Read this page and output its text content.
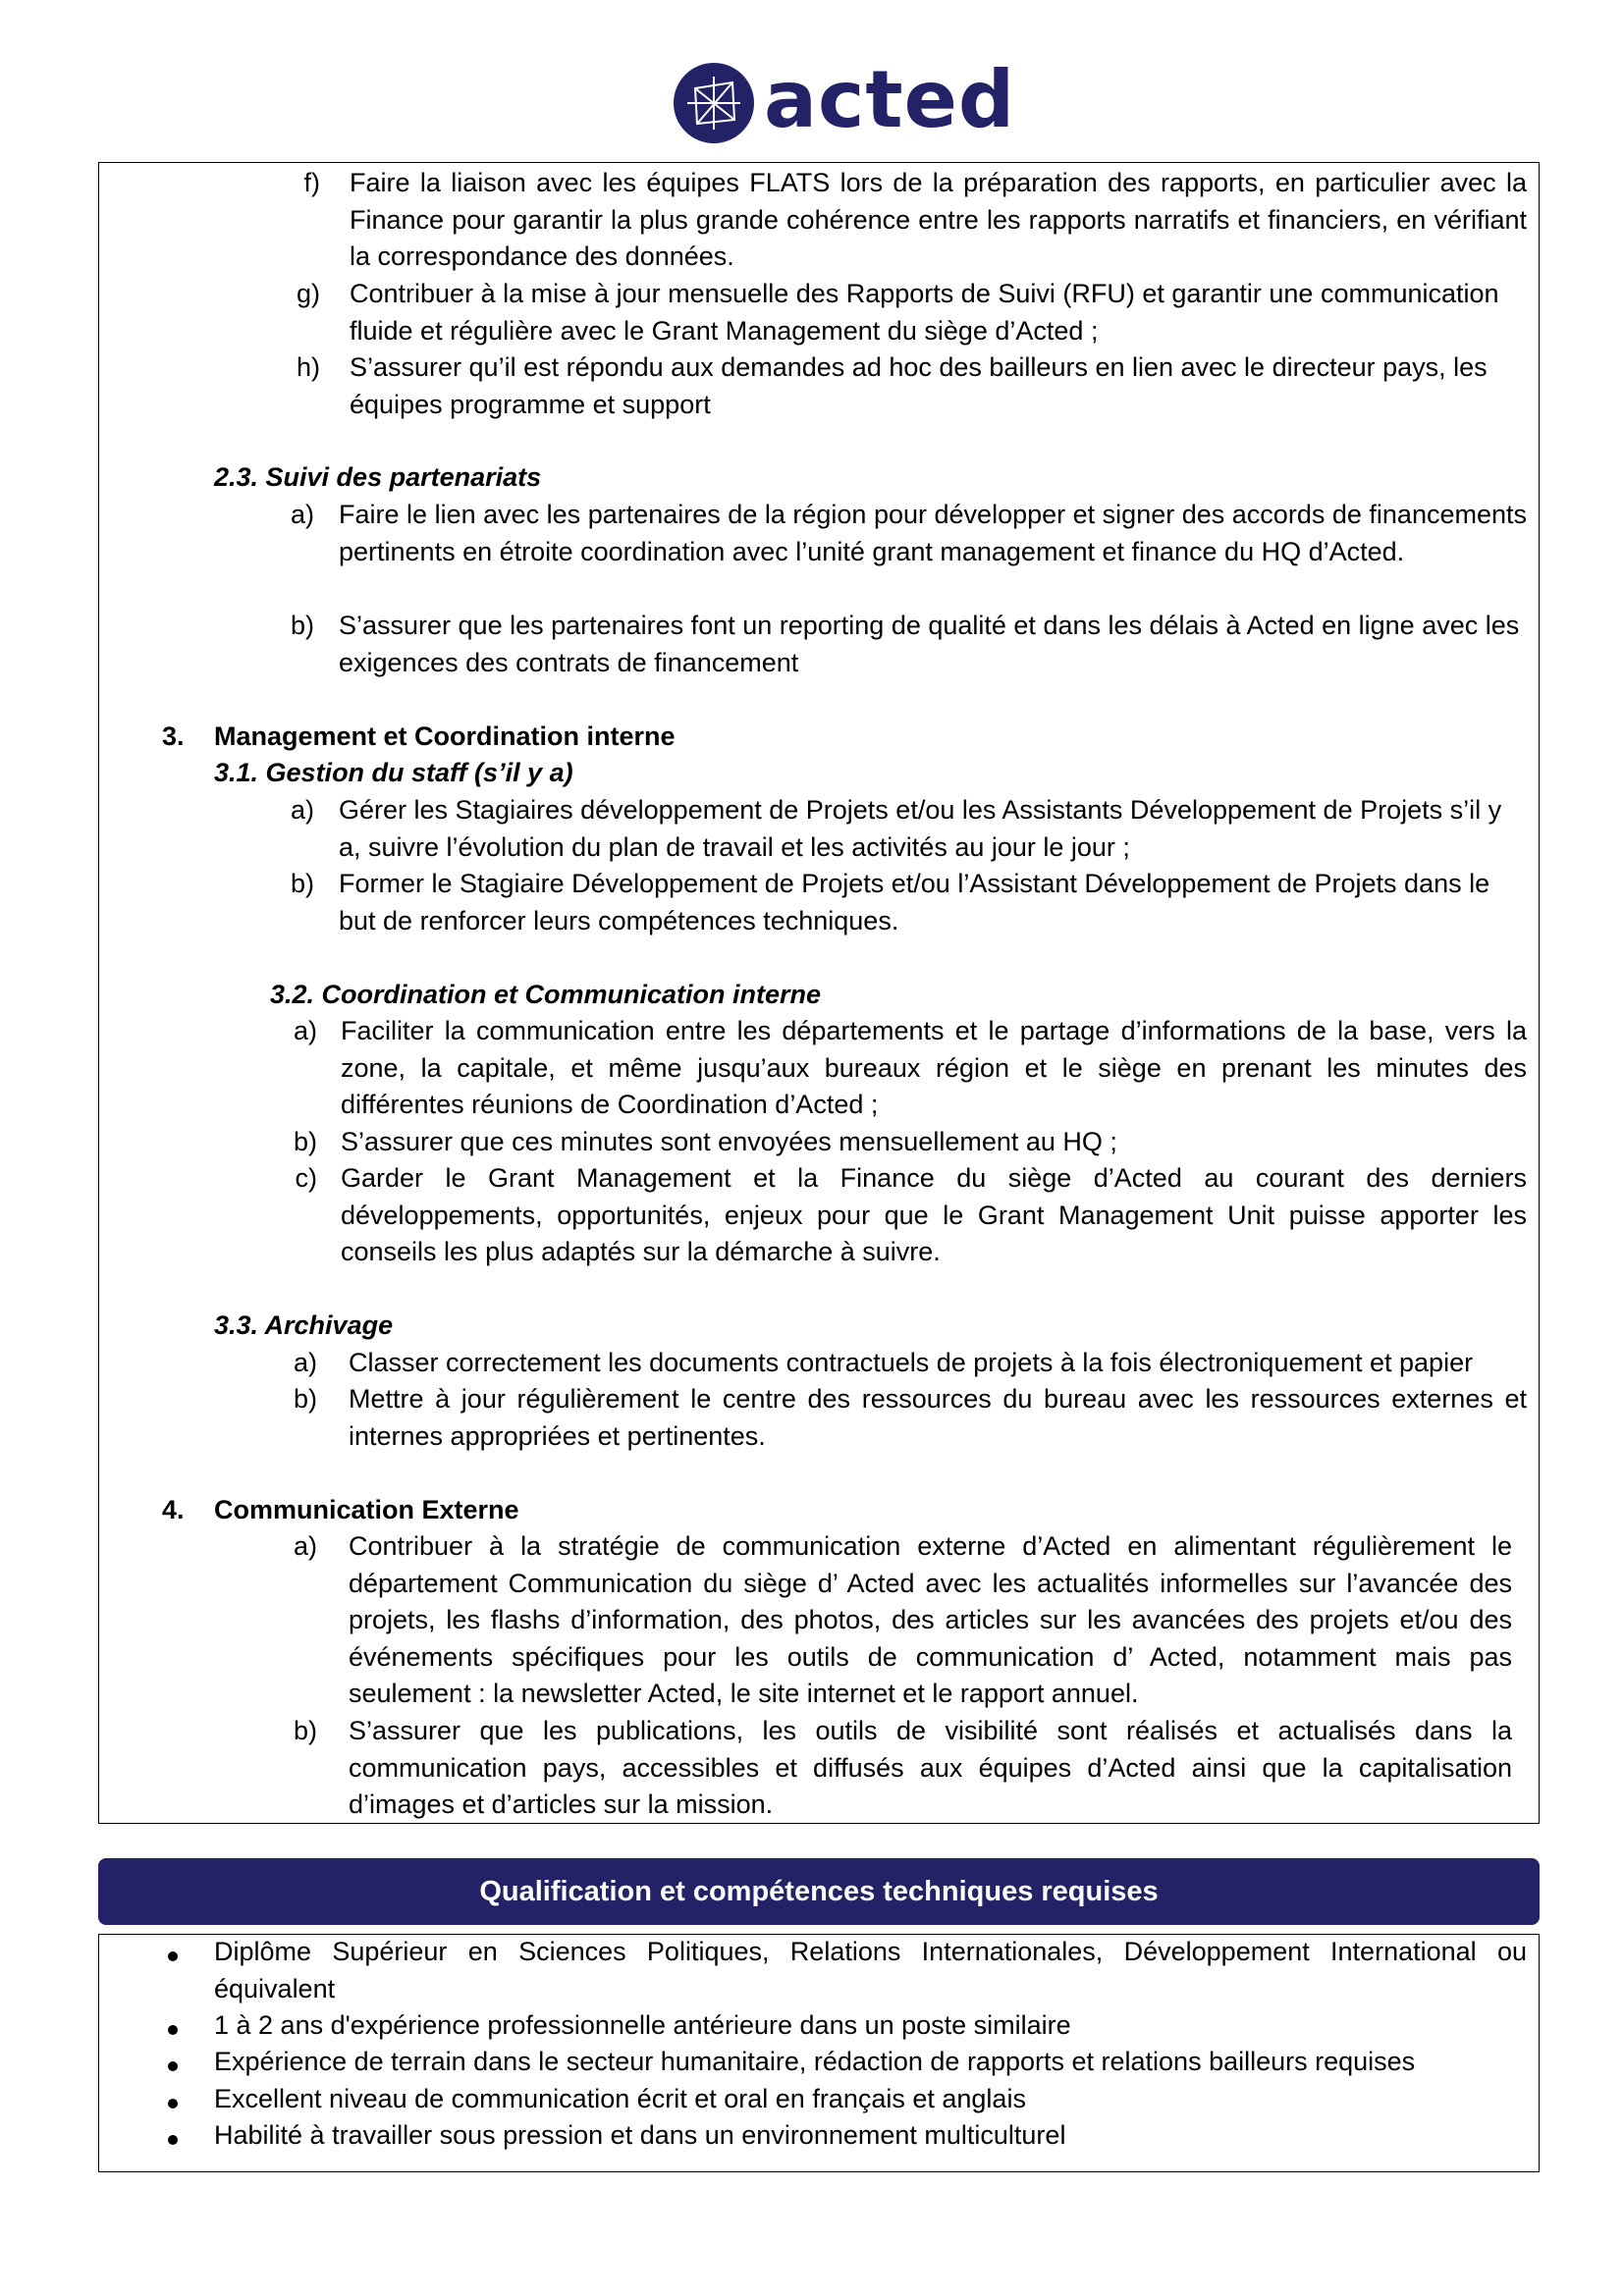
acted
f) Faire la liaison avec les équipes FLATS lors de la préparation des rapports, en particulier avec la Finance pour garantir la plus grande cohérence entre les rapports narratifs et financiers, en vérifiant la correspondance des données.
g) Contribuer à la mise à jour mensuelle des Rapports de Suivi (RFU) et garantir une communication fluide et régulière avec le Grant Management du siège d’Acted ;
h) S’assurer qu’il est répondu aux demandes ad hoc des bailleurs en lien avec le directeur pays, les équipes programme et support
2.3. Suivi des partenariats
a) Faire le lien avec les partenaires de la région pour développer et signer des accords de financements pertinents en étroite coordination avec l’unité grant management et finance du HQ d’Acted.
b) S’assurer que les partenaires font un reporting de qualité et dans les délais à Acted en ligne avec les exigences des contrats de financement
3. Management et Coordination interne
3.1. Gestion du staff (s’il y a)
a) Gérer les Stagiaires développement de Projets et/ou les Assistants Développement de Projets s’il y a, suivre l’évolution du plan de travail et les activités au jour le jour ;
b) Former le Stagiaire Développement de Projets et/ou l’Assistant Développement de Projets dans le but de renforcer leurs compétences techniques.
3.2. Coordination et Communication interne
a) Faciliter la communication entre les départements et le partage d’informations de la base, vers la zone, la capitale, et même jusqu’aux bureaux région et le siège en prenant les minutes des différentes réunions de Coordination d’Acted ;
b) S’assurer que ces minutes sont envoyées mensuellement au HQ ;
c) Garder le Grant Management et la Finance du siège d’Acted au courant des derniers développements, opportunités, enjeux pour que le Grant Management Unit puisse apporter les conseils les plus adaptés sur la démarche à suivre.
3.3. Archivage
a) Classer correctement les documents contractuels de projets à la fois électroniquement et papier
b) Mettre à jour régulièrement le centre des ressources du bureau avec les ressources externes et internes appropriées et pertinentes.
4. Communication Externe
a) Contribuer à la stratégie de communication externe d’Acted en alimentant régulièrement le département Communication du siège d’ Acted avec les actualités informelles sur l’avancée des projets, les flashs d’information, des photos, des articles sur les avancées des projets et/ou des événements spécifiques pour les outils de communication d’ Acted, notamment mais pas seulement : la newsletter Acted, le site internet et le rapport annuel.
b) S’assurer que les publications, les outils de visibilité sont réalisés et actualisés dans la communication pays, accessibles et diffusés aux équipes d’Acted ainsi que la capitalisation d’images et d’articles sur la mission.
Qualification et compétences techniques requises
Diplôme Supérieur en Sciences Politiques, Relations Internationales, Développement International ou équivalent
1 à 2 ans d'expérience professionnelle antérieure dans un poste similaire
Expérience de terrain dans le secteur humanitaire, rédaction de rapports et relations bailleurs requises
Excellent niveau de communication écrit et oral en français et anglais
Habilité à travailler sous pression et dans un environnement multiculturel
